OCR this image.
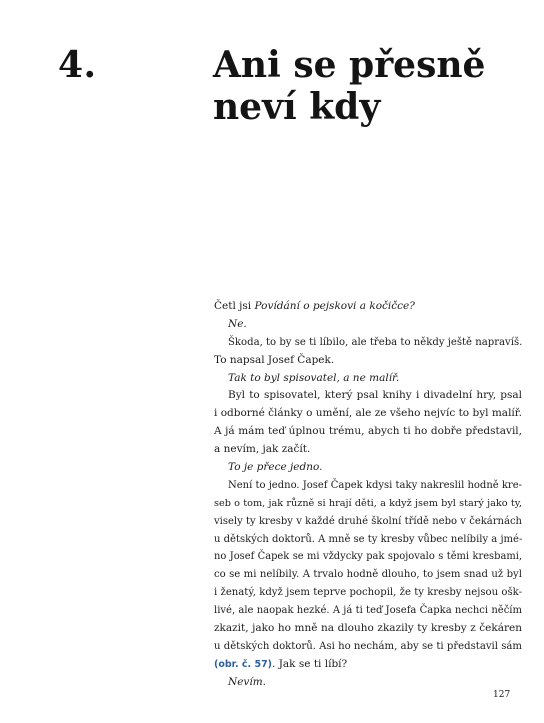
4.	Ani se přesně
neví kdy
Četl jsi Povídání o pejskovi a kočičce?
Ne.
Škoda, to by se ti líbilo, ale třeba to někdy ještě napravíš.
To napsal Josef Čapek.
Tak to byl spisovatel, a ne malíř.
Byl to spisovatel, který psal knihy i divadelní hry, psal
i odborné články o umění, ale ze všeho nejvíc to byl malíř.
A já mám teď úplnou trému, abych ti ho dobře představil,
a nevím, jak začít.
To je přece jedno.
Není to jedno. Josef Čapek kdysi taky nakreslil hodně kre-
seb o tom, jak různě si hrají děti, a když jsem byl starý jako ty,
visely ty kresby v každé druhé školní třídě nebo v čekárnách
u dětských doktorů. A mně se ty kresby vůbec nelíbily a jmé-
no Josef Čapek se mi vždycky pak spojovalo s těmi kresbami,
co se mi nelíbily. A trvalo hodně dlouho, to jsem snad už byl
i ženatý, když jsem teprve pochopil, že ty kresby nejsou ošk-
livé, ale naopak hezké. A já ti teď Josefa Čapka nechci něčím
zkazit, jako ho mně na dlouho zkazily ty kresby z čekáren
u dětských doktorů. Asi ho nechám, aby se ti představil sám
(obr. č. 57). Jak se ti líbí?
Nevím.
127
